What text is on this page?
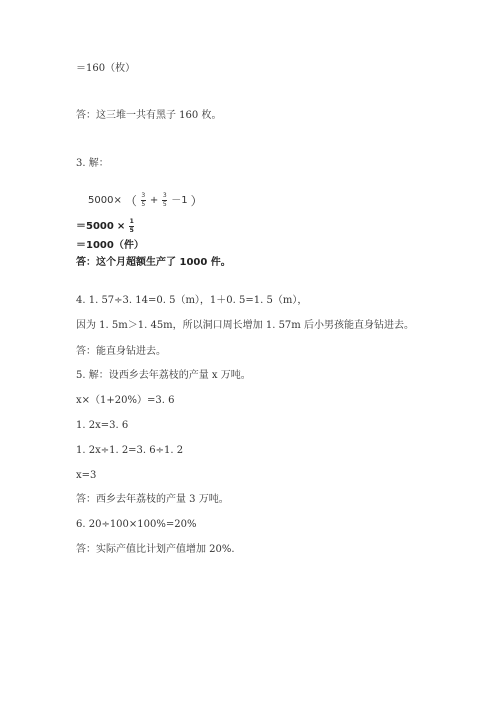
＝160（枚）
答：这三堆一共有黑子 160 枚。
3. 解：
5000× （ $\frac{3}{5} + \frac{3}{5} -1$ ）
$=5000 \times \frac{1}{5}$
＝1000（件）
答：这个月超额生产了 1000 件。
4. 1. 57÷3. 14=0. 5（m），1＋0. 5=1. 5（m），
因为 1. 5m＞1. 45m，所以洞口周长增加 1. 57m 后小男孩能直身钻进去。
答：能直身钻进去。
5. 解：设西乡去年荔枝的产量 x 万吨。
x×（1+20%）=3. 6
1. 2x=3. 6
1. 2x÷1. 2=3. 6÷1. 2
x=3
答：西乡去年荔枝的产量 3 万吨。
6. 20÷100×100%=20%
答：实际产值比计划产值增加 20%.
